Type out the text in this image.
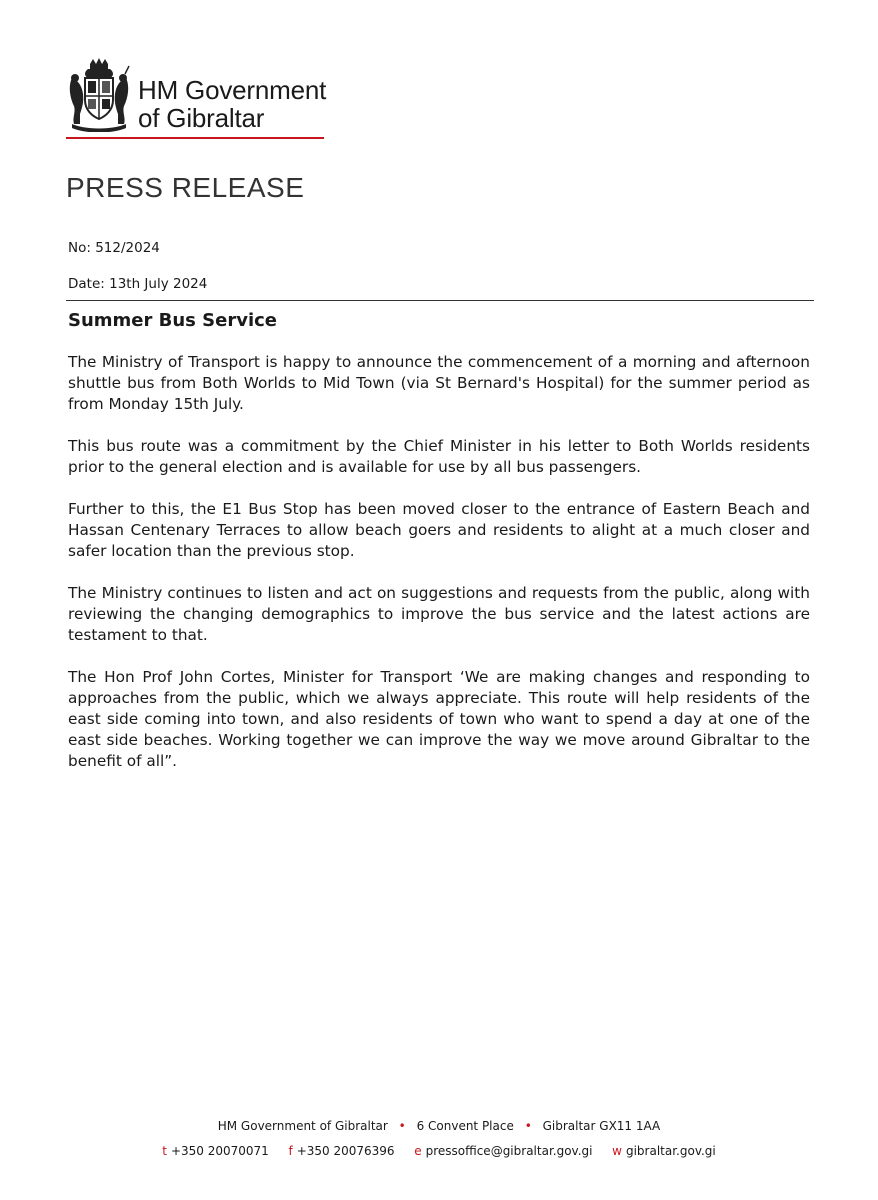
HM Government
of Gibraltar
PRESS RELEASE
No: 512/2024
Date: 13th July 2024
Summer Bus Service

The Ministry of Transport is happy to announce the commencement of a morning and afternoon shuttle bus from Both Worlds to Mid Town (via St Bernard's Hospital) for the summer period as from Monday 15th July.

This bus route was a commitment by the Chief Minister in his letter to Both Worlds residents prior to the general election and is available for use by all bus passengers.

Further to this, the E1 Bus Stop has been moved closer to the entrance of Eastern Beach and Hassan Centenary Terraces to allow beach goers and residents to alight at a much closer and safer location than the previous stop.

The Ministry continues to listen and act on suggestions and requests from the public, along with reviewing the changing demographics to improve the bus service and the latest actions are testament to that.

The Hon Prof John Cortes, Minister for Transport ‘We are making changes and responding to approaches from the public, which we always appreciate. This route will help residents of the east side coming into town, and also residents of town who want to spend a day at one of the east side beaches. Working together we can improve the way we move around Gibraltar to the benefit of all”.

HM Government of Gibraltar • 6 Convent Place • Gibraltar GX11 1AA
t +350 20070071 f +350 20076396 e pressoffice@gibraltar.gov.gi w gibraltar.gov.gi
